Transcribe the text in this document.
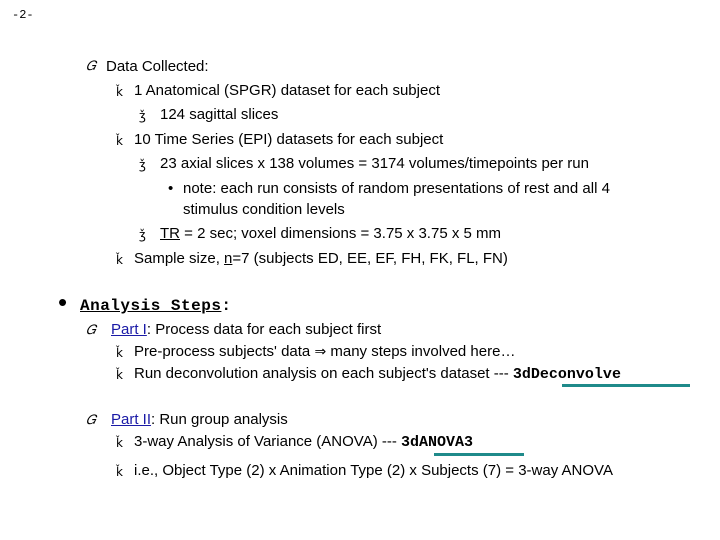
-2-
𝐺 Data Collected:
ǩ 1 Anatomical (SPGR) dataset for each subject
ǯ 124 sagittal slices
ǩ 10 Time Series (EPI) datasets for each subject
ǯ 23 axial slices x 138 volumes = 3174 volumes/timepoints per run
• note: each run consists of random presentations of rest and all 4
stimulus condition levels
ǯ TR = 2 sec; voxel dimensions = 3.75 x 3.75 x 5 mm
ǩ Sample size, n=7 (subjects ED, EE, EF, FH, FK, FL, FN)
• Analysis Steps:
𝐺 Part I: Process data for each subject first
ǩ Pre-process subjects' data ⇒ many steps involved here…
ǩ Run deconvolution analysis on each subject's dataset --- 3dDeconvolve
𝐺 Part II: Run group analysis
ǩ 3-way Analysis of Variance (ANOVA) --- 3dANOVA3
ǩ i.e., Object Type (2) x Animation Type (2) x Subjects (7) = 3-way ANOVA
